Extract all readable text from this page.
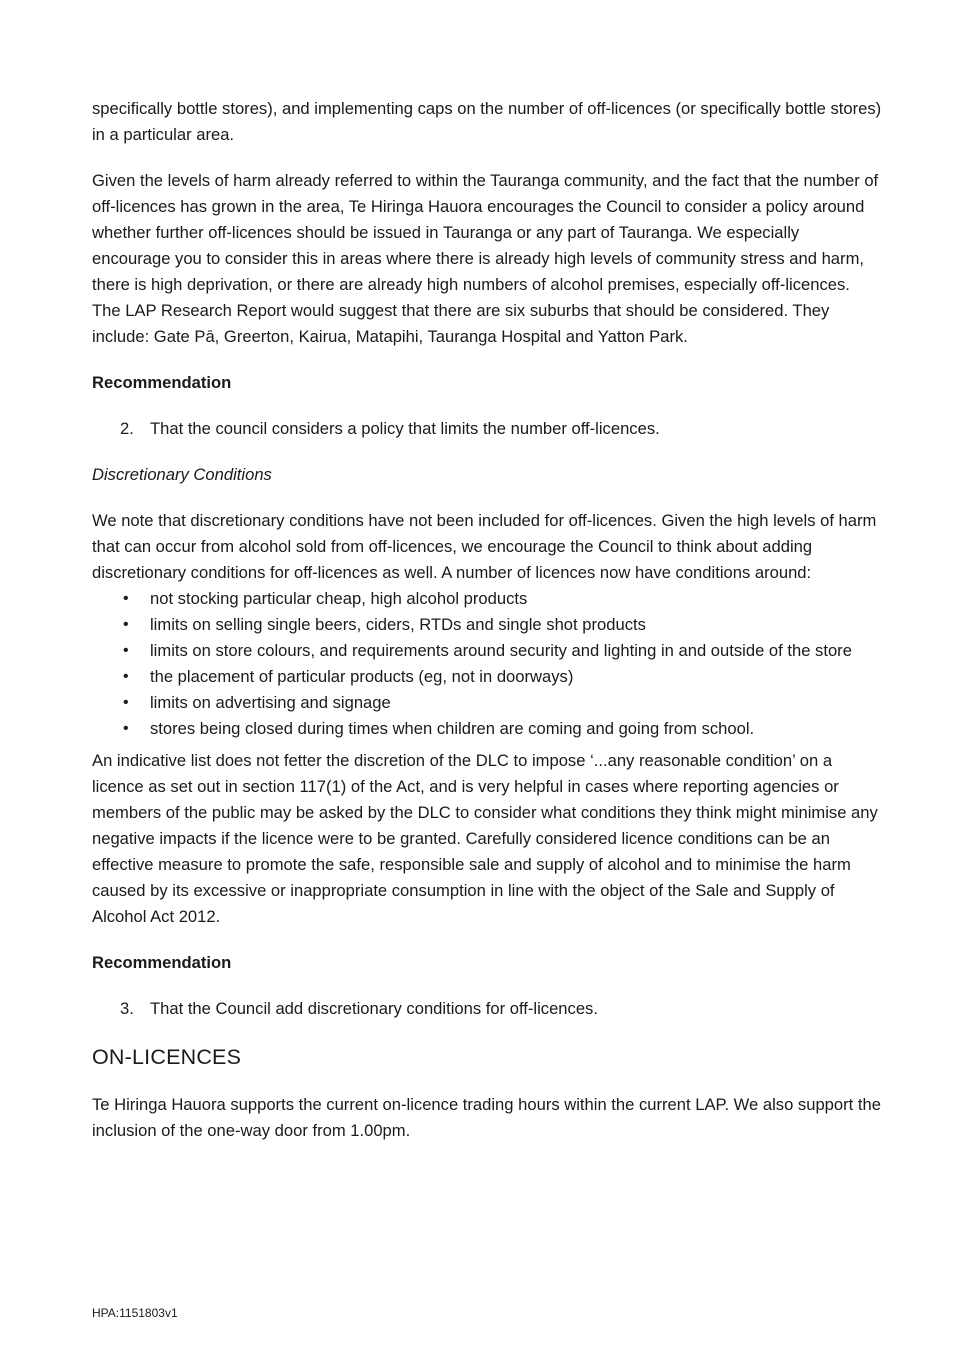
specifically bottle stores), and implementing caps on the number of off-licences (or specifically bottle stores) in a particular area.

Given the levels of harm already referred to within the Tauranga community, and the fact that the number of off-licences has grown in the area, Te Hiringa Hauora encourages the Council to consider a policy around whether further off-licences should be issued in Tauranga or any part of Tauranga. We especially encourage you to consider this in areas where there is already high levels of community stress and harm, there is high deprivation, or there are already high numbers of alcohol premises, especially off-licences. The LAP Research Report would suggest that there are six suburbs that should be considered. They include: Gate Pā, Greerton, Kairua, Matapihi, Tauranga Hospital and Yatton Park.

Recommendation
2. That the council considers a policy that limits the number off-licences.
Discretionary Conditions

We note that discretionary conditions have not been included for off-licences. Given the high levels of harm that can occur from alcohol sold from off-licences, we encourage the Council to think about adding discretionary conditions for off-licences as well. A number of licences now have conditions around:

• not stocking particular cheap, high alcohol products
• limits on selling single beers, ciders, RTDs and single shot products
• limits on store colours, and requirements around security and lighting in and outside of the store
• the placement of particular products (eg, not in doorways)
• limits on advertising and signage
• stores being closed during times when children are coming and going from school.

An indicative list does not fetter the discretion of the DLC to impose ‘...any reasonable condition’ on a licence as set out in section 117(1) of the Act, and is very helpful in cases where reporting agencies or members of the public may be asked by the DLC to consider what conditions they think might minimise any negative impacts if the licence were to be granted. Carefully considered licence conditions can be an effective measure to promote the safe, responsible sale and supply of alcohol and to minimise the harm caused by its excessive or inappropriate consumption in line with the object of the Sale and Supply of Alcohol Act 2012.

Recommendation
3. That the Council add discretionary conditions for off-licences.
ON-LICENCES

Te Hiringa Hauora supports the current on-licence trading hours within the current LAP. We also support the inclusion of the one-way door from 1.00pm.

HPA:1151803v1
